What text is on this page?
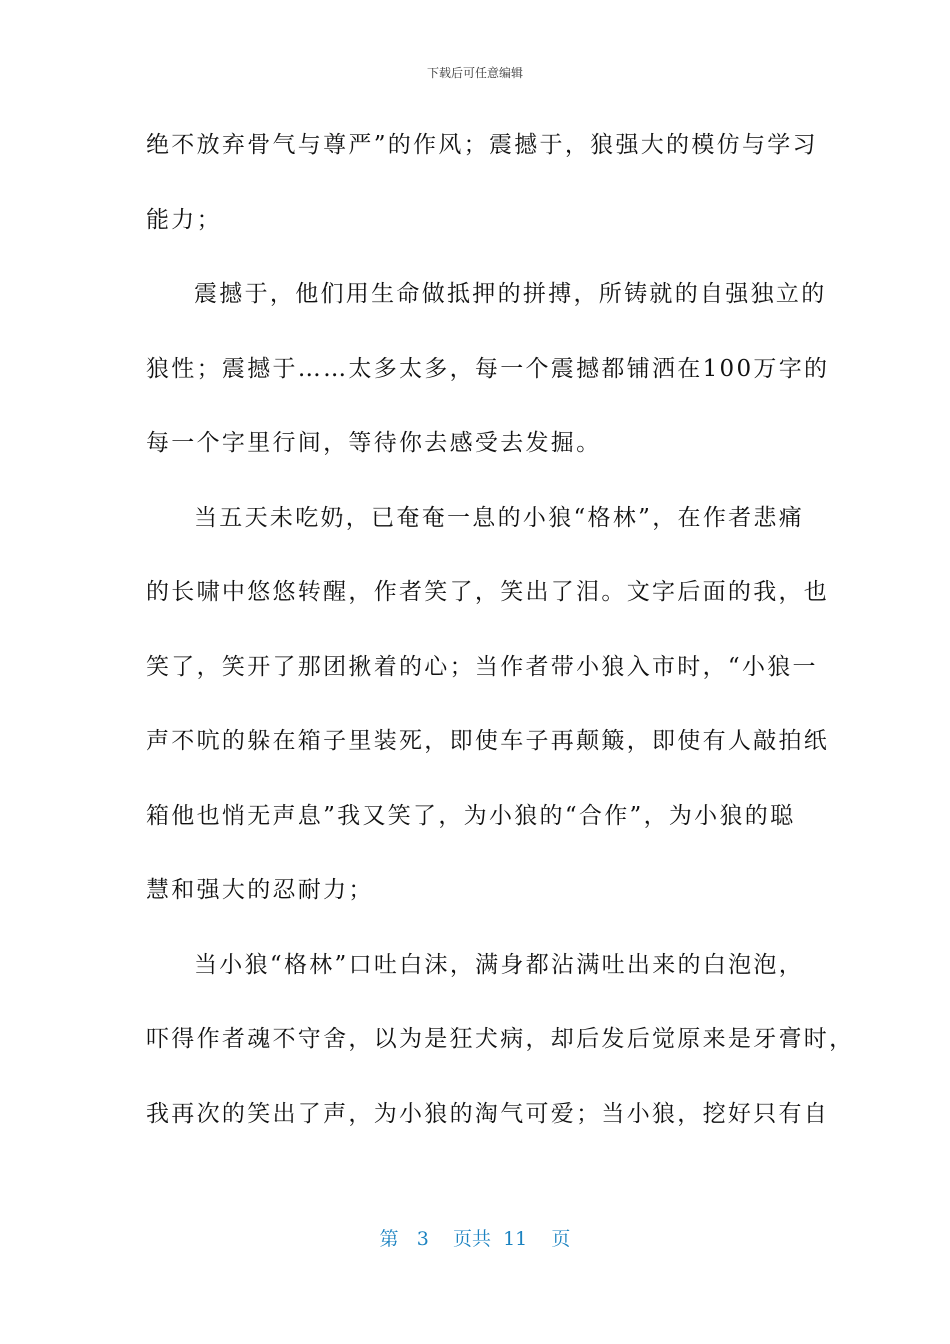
下载后可任意编辑
绝不放弃骨气与尊严”的作风；震撼于，狼强大的模仿与学习
能力；
震撼于，他们用生命做抵押的拼搏，所铸就的自强独立的
狼性；震撼于……太多太多，每一个震撼都铺洒在100万字的
每一个字里行间，等待你去感受去发掘。
当五天未吃奶，已奄奄一息的小狼“格林”，在作者悲痛
的长啸中悠悠转醒，作者笑了，笑出了泪。文字后面的我，也
笑了，笑开了那团揪着的心；当作者带小狼入市时，“小狼一
声不吭的躲在箱子里装死，即使车子再颠簸，即使有人敲拍纸
箱他也悄无声息”我又笑了，为小狼的“合作”，为小狼的聪
慧和强大的忍耐力；
当小狼“格林”口吐白沫，满身都沾满吐出来的白泡泡，
吓得作者魂不守舍，以为是狂犬病，却后发后觉原来是牙膏时，
我再次的笑出了声，为小狼的淘气可爱；当小狼，挖好只有自
第 3 页共 11 页
